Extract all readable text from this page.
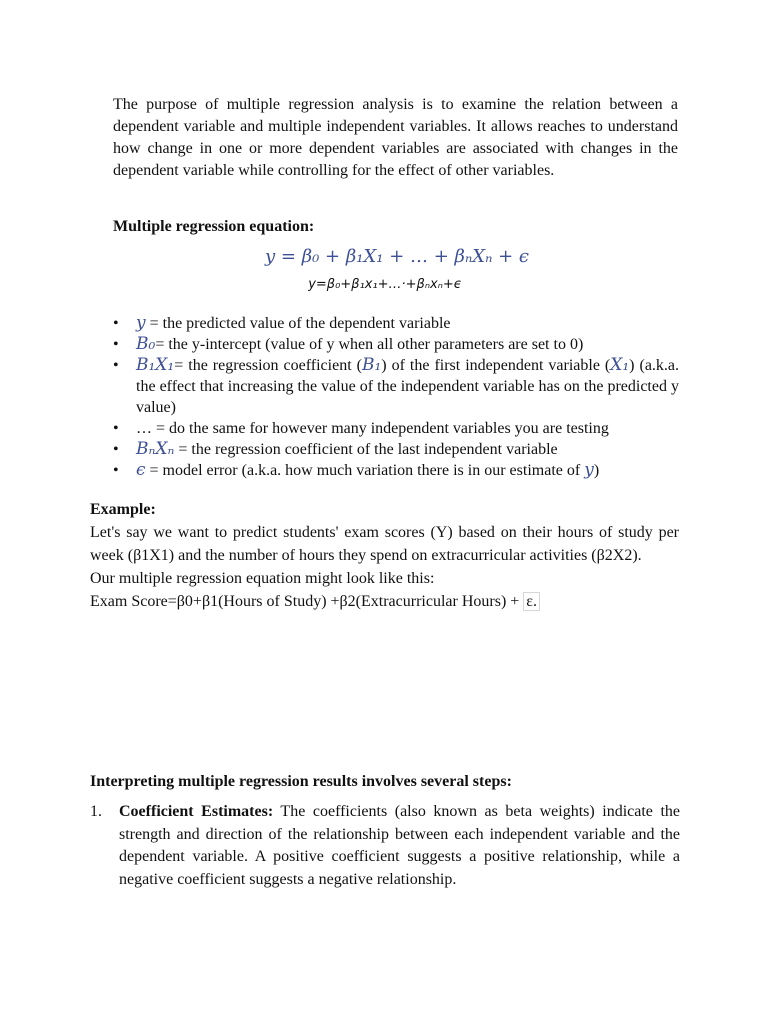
The purpose of multiple regression analysis is to examine the relation between a dependent variable and multiple independent variables. It allows reaches to understand how change in one or more dependent variables are associated with changes in the dependent variable while controlling for the effect of other variables.

Multiple regression equation:

y = β₀ + β₁X₁ + … + βₙXₙ + ϵ
y=β₀+β₁x₁+…·+βₙxₙ+ϵ
• y = the predicted value of the dependent variable
• B₀= the y-intercept (value of y when all other parameters are set to 0)
• B₁X₁= the regression coefficient (B₁) of the first independent variable (X₁) (a.k.a. the effect that increasing the value of the independent variable has on the predicted y value)
• … = do the same for however many independent variables you are testing
• BₙXₙ = the regression coefficient of the last independent variable
• ϵ = model error (a.k.a. how much variation there is in our estimate of y)
Example:
Let's say we want to predict students' exam scores (Y) based on their hours of study per week (β1X1) and the number of hours they spend on extracurricular activities (β2X2).
Our multiple regression equation might look like this:
Exam Score=β0+β1(Hours of Study) +β2(Extracurricular Hours) + ε.

Interpreting multiple regression results involves several steps:

1. Coefficient Estimates: The coefficients (also known as beta weights) indicate the strength and direction of the relationship between each independent variable and the dependent variable. A positive coefficient suggests a positive relationship, while a negative coefficient suggests a negative relationship.
